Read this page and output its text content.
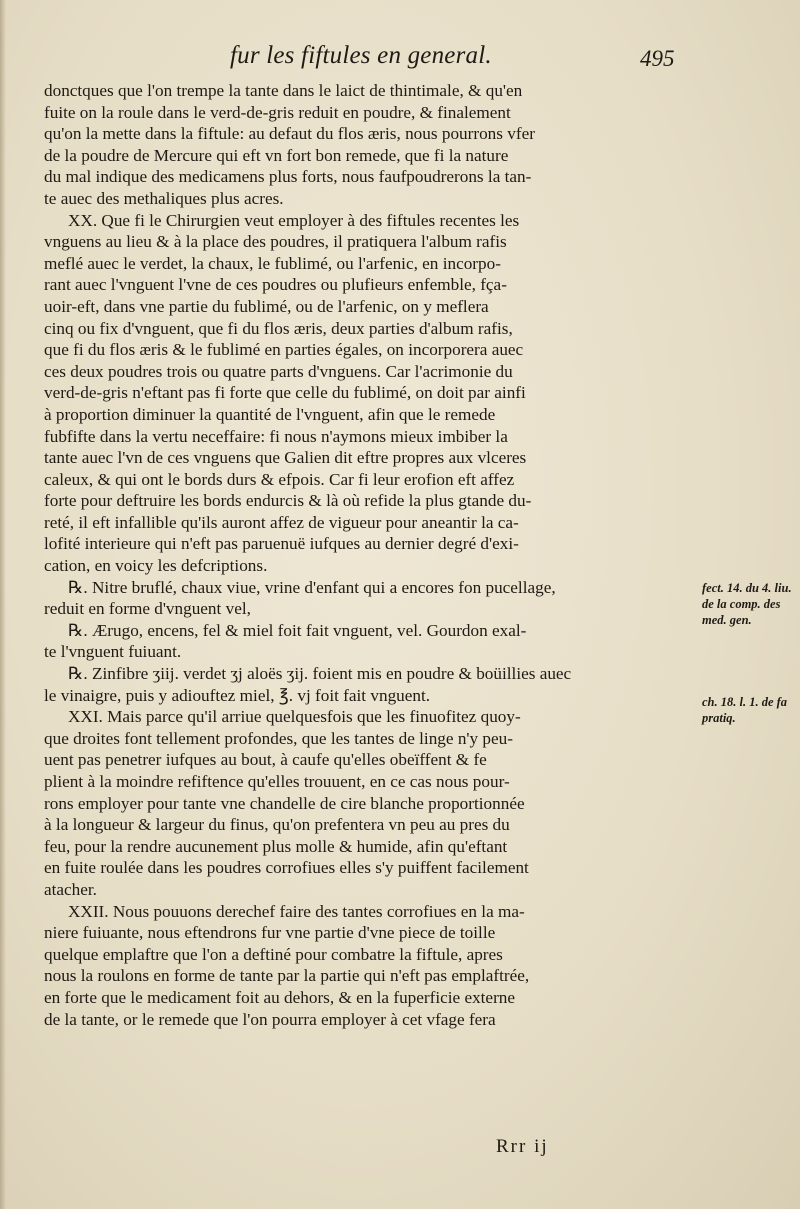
fur les fiftules en general.	495
donctques que l'on trempe la tante dans le laict de thintimale, & qu'en
fuite on la roule dans le verd-de-gris reduit en poudre, & finalement
qu'on la mette dans la fiftule: au defaut du flos æris, nous pourrons vfer
de la poudre de Mercure qui eft vn fort bon remede, que fi la nature
du mal indique des medicamens plus forts, nous faufpoudrerons la tan-
te auec des methaliques plus acres.
XX. Que fi le Chirurgien veut employer à des fiftules recentes les
vnguens au lieu & à la place des poudres, il pratiquera l'album rafis
meflé auec le verdet, la chaux, le fublimé, ou l'arfenic, en incorpo-
rant auec l'vnguent l'vne de ces poudres ou plufieurs enfemble, fça-
uoir-eft, dans vne partie du fublimé, ou de l'arfenic, on y meflera
cinq ou fix d'vnguent, que fi du flos æris, deux parties d'album rafis,
que fi du flos æris & le fublimé en parties égales, on incorporera auec
ces deux poudres trois ou quatre parts d'vnguens. Car l'acrimonie du
verd-de-gris n'eftant pas fi forte que celle du fublimé, on doit par ainfi
à proportion diminuer la quantité de l'vnguent, afin que le remede
fubfifte dans la vertu neceffaire: fi nous n'aymons mieux imbiber la
tante auec l'vn de ces vnguens que Galien dit eftre propres aux vlceres
caleux, & qui ont le bords durs & efpois. Car fi leur erofion eft affez
forte pour deftruire les bords endurcis & là où refide la plus gtande du-
reté, il eft infallible qu'ils auront affez de vigueur pour aneantir la ca-
lofité interieure qui n'eft pas paruenuë iufques au dernier degré d'exi-
cation, en voicy les defcriptions.
℞. Nitre bruflé, chaux viue, vrine d'enfant qui a encores fon pucellage,
reduit en forme d'vnguent vel,
℞. Ærugo, encens, fel & miel foit fait vnguent, vel. Gourdon exal-
te l'vnguent fuiuant.
℞. Zinfibre ʒiij. verdet ʒj aloës ʒij. foient mis en poudre & boüillies auec
le vinaigre, puis y adiouftez miel, ℥. vj foit fait vnguent.
XXI. Mais parce qu'il arriue quelquesfois que les finuofitez quoy-
que droites font tellement profondes, que les tantes de linge n'y peu-
uent pas penetrer iufques au bout, à caufe qu'elles obeïffent & fe
plient à la moindre refiftence qu'elles trouuent, en ce cas nous pour-
rons employer pour tante vne chandelle de cire blanche proportionnée
à la longueur & largeur du finus, qu'on prefentera vn peu au pres du
feu, pour la rendre aucunement plus molle & humide, afin qu'eftant
en fuite roulée dans les poudres corrofiues elles s'y puiffent facilement
atacher.
XXII. Nous pouuons derechef faire des tantes corrofiues en la ma-
niere fuiuante, nous eftendrons fur vne partie d'vne piece de toille
quelque emplaftre que l'on a deftiné pour combatre la fiftule, apres
nous la roulons en forme de tante par la partie qui n'eft pas emplaftrée,
en forte que le medicament foit au dehors, & en la fuperficie externe
de la tante, or le remede que l'on pourra employer à cet vfage fera
fect. 14. du 4. liu. de la comp. des med. gen.
ch. 18. l. 1. de fa pratiq.
Rrr ij
